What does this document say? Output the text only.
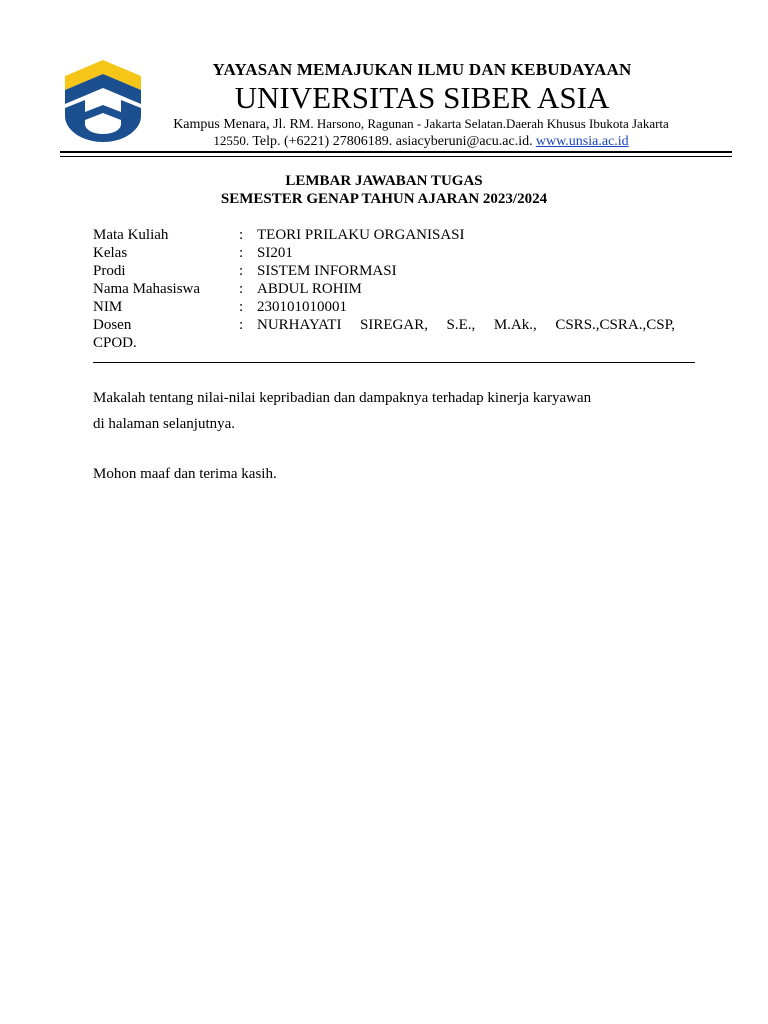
YAYASAN MEMAJUKAN ILMU DAN KEBUDAYAAN
UNIVERSITAS SIBER ASIA
Kampus Menara, Jl. RM. Harsono, Ragunan - Jakarta Selatan.Daerah Khusus Ibukota Jakarta
12550. Telp. (+6221) 27806189. asiacyberuni@acu.ac.id. www.unsia.ac.id
LEMBAR JAWABAN TUGAS
SEMESTER GENAP TAHUN AJARAN 2023/2024
Mata Kuliah	: TEORI PRILAKU ORGANISASI
Kelas	: SI201
Prodi	: SISTEM INFORMASI
Nama Mahasiswa	: ABDUL ROHIM
NIM	: 230101010001
Dosen	: NURHAYATI SIREGAR, S.E., M.Ak., CSRS.,CSRA.,CSP,
CPOD.
Makalah tentang nilai-nilai kepribadian dan dampaknya terhadap kinerja karyawan
di halaman selanjutnya.
Mohon maaf dan terima kasih.
